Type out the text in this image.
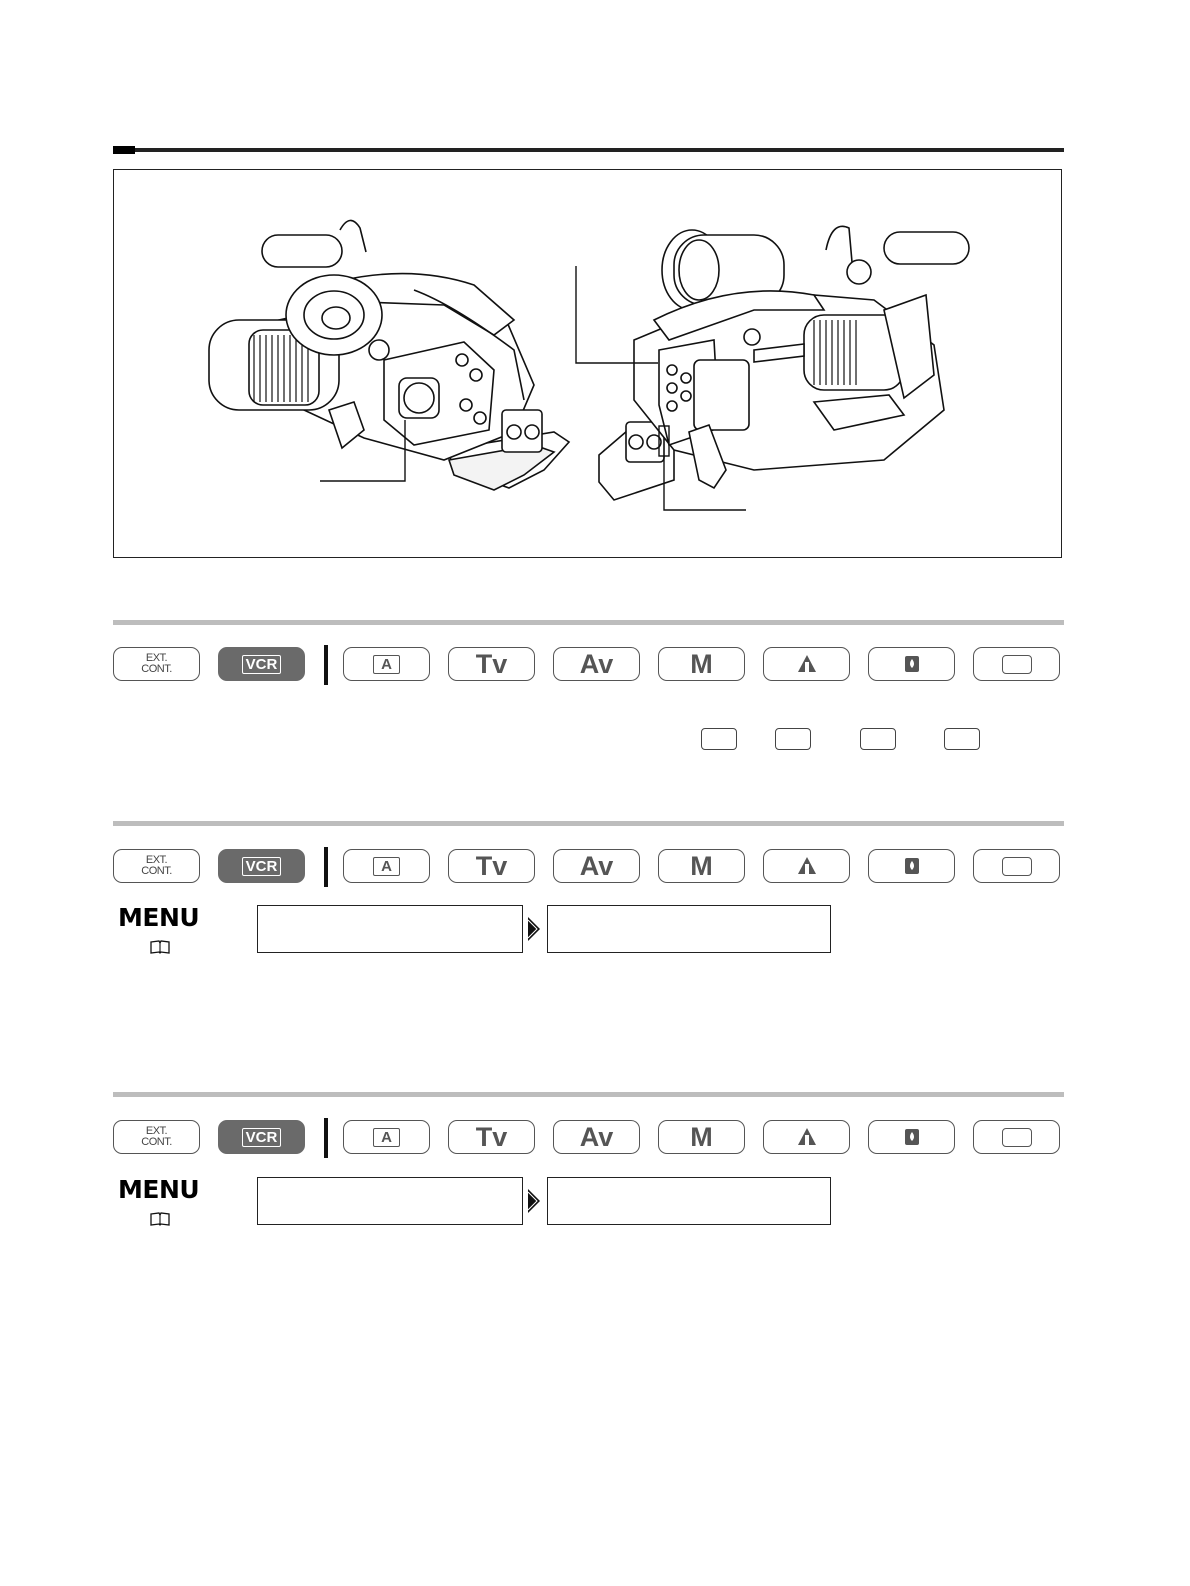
EXT.
CONT.	VCR	A	Tv	Av	M
EXT.
CONT.	VCR	A	Tv	Av	M
MENU
EXT.
CONT.	VCR	A	Tv	Av	M
MENU
